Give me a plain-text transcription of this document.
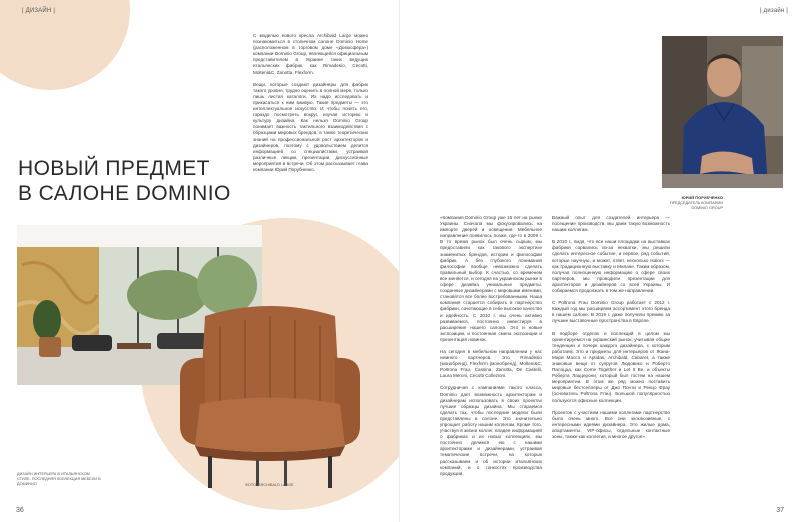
| ДИЗАЙН |
НОВЫЙ ПРЕДМЕТ
В САЛОНЕ DOMINIO

С моделью нового кресла Archibald Large можно познакомиться в столичном салоне Dominio Home (расположенном в торговом доме «Домосфера») компании Dominio Group, являющейся официальным представителем в Украине таких ведущих итальянских фабрик, как Rimadesio, Cecotti, Molteni&C, Zanotta, Flexform.

Вещи, которые создают дизайнеры для фабрик такого уровня, трудно оценить в полной мере, только лишь листая каталоги. Их надо исследовать и прикасаться к ним вживую. Такие предметы — это интеллектуальное искусство. И чтобы понять его, гораздо посмотреть вокруг, изучая историю и культуру дизайна. Как нельзя Dominio Group понимает важность тактильного взаимодействия с образцами мировых брендов, а также теоретических знаний на профессиональной рост архитекторов и дизайнеров, поэтому с удовольствием делится информацией со специалистами, устраивая различные лекции, презентации, дискуссионные мероприятия и встречи. Об этом рассказывает глава компании Юрий Порубченко.

ДИЗАЙН ИНТЕРЬЕРА В ИТАЛЬЯНСКОМ СТИЛЕ. ПОСЛЕДНЯЯ КОЛЛЕКЦИЯ МЕБЕЛИ В ДОМИНИО	ФОТО: ARCHIBALD LARGE
36
| дизайн |
ЮРИЙ ПОРУБЧЕНКО
ПРЕДСЕДАТЕЛЬ КОМПАНИИ DOMINIO GROUP

«Компания Dominio Group уже 15 лет на рынке Украины. Сначала мы фокусировались на импорте дверей и освещения. Мебельное направление появилось позже, где-то в 2009 г. В то время рынок был очень сырым, мы предоставили как такового экспертизе знаменитых брендов, истории и философии фабрик. А без глубокого понимания философии вообще невозможно сделать правильный выбор. К счастью, со временем все меняется, и сегодня на украинском рынке в сфере дизайна уникальные предметы, созданные дизайнерами с мировыми именами, становятся все более востребованными. Наша компания старается собирать в партнерство фабрики, сочетающие в себе высокое качество и идейность. С 2010 г. мы очень активно развиваемся, постоянно инвестируя в расширение нашего салона. Это и новые экспозиции, и постоянная смена экспозиции и презентация новинок.

На сегодня в мебельном направлении у нас немного партнеров. Это Rimadesio (монобренд), Flexform (монобренд), Molteni&C, Poltrona Frau, Cassina, Zanotta, De Castelli, Laura Meroni, Cecotti Collezioni.

Сотрудничая с компаниями такого класса, Dominio дает возможность архитекторам и дизайнерам использовать в своих проектах лучшие образцы дизайна. Мы стараемся сделать так, чтобы последние модели были представлены в салоне. Это значительно упрощает работу нашим коллегам. Кроме того, участвуя в жизни коллег, владея информацией о фабриках и их новых коллекциях, мы постоянно делимся ею с нашими архитекторами и дизайнерами, устраивая тематические встречи, на которых рассказываем и об истории итальянских компаний, и о тонкостях производства продукции.

Важный опыт для создателей интерьера — посещение производств, мы даем такую возможность нашим коллегам.

В 2010 г., видя, что все наши площадки на выставках фабрики сорвались из-за нехватки, мы решили сделать интересное событие, и первое, ряд событий, которые научную, и может, ответ, несколько Isaloni — как традиционную выставку и Милане. Таким образом, получая полноценную информацию о сфере своих партнеров, мы проводили презентации для архитекторов и дизайнеров со всей Украины. И собираемся продолжать в том же направлении.

С Poltrona Frau Dominio Group работает с 2012 г. Каждый год мы расширяем ассортимент этого бренда в нашем салоне. В 2016 г. даже получили премию за лучшие выставочные пространства в Европе.

В подборе отделок и коллекций в целом мы ориентируемся на украинский рынок, учитывая общие тенденции и почерк каждого дизайнера, с которым работаем. Это и предметы для интерьеров от Жана-Мари Массо и Aptidas, Archibald, Cabaret, а также знаковые вещи от супругов Людовико и Роберто Палоцца, как Come Together и Let It Be, и объекты Роберта Лаццерони, который был гостем на нашем мероприятии. В этом же ряд можно поставить мировые бестселлеры от Джо Понти и Ренцо Фрау (основатель Poltrona Frau). Большой популярностью пользуются офисные коллекции.

Проектов с участием нашими коллегами партнерство было очень много. Все они эксклюзивные, с интересными идеями дизайнера. Это жилые дома, апартаменты, VIP-офисы, отдельные контактные зоны, также как коллегия, и многое другое».

37
